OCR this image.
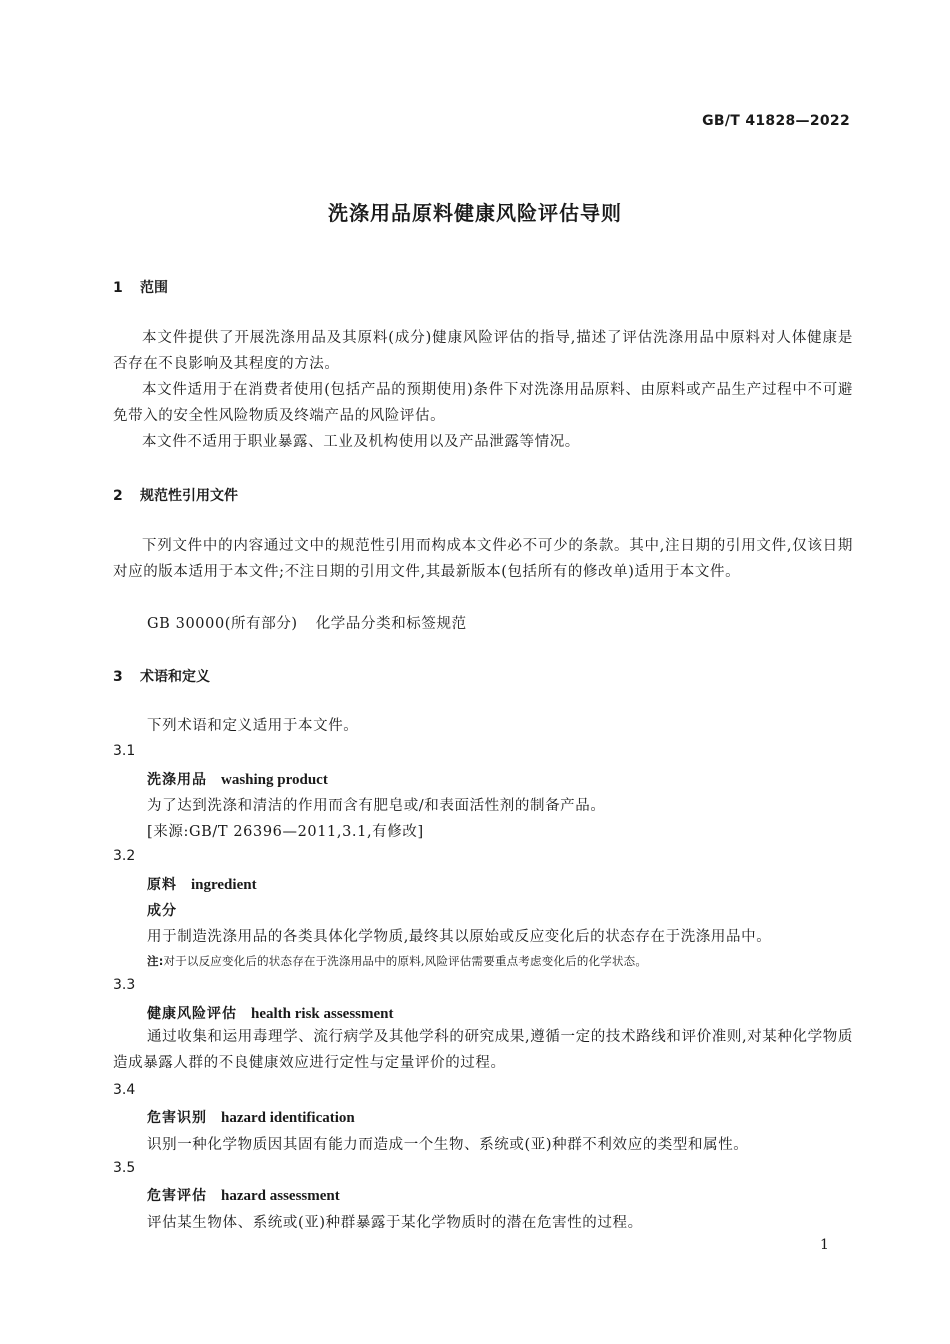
GB/T 41828—2022
洗涤用品原料健康风险评估导则
1 范围
本文件提供了开展洗涤用品及其原料(成分)健康风险评估的指导,描述了评估洗涤用品中原料对人体健康是否存在不良影响及其程度的方法。
本文件适用于在消费者使用(包括产品的预期使用)条件下对洗涤用品原料、由原料或产品生产过程中不可避免带入的安全性风险物质及终端产品的风险评估。
本文件不适用于职业暴露、工业及机构使用以及产品泄露等情况。
2 规范性引用文件
下列文件中的内容通过文中的规范性引用而构成本文件必不可少的条款。其中,注日期的引用文件,仅该日期对应的版本适用于本文件;不注日期的引用文件,其最新版本(包括所有的修改单)适用于本文件。
GB 30000(所有部分) 化学品分类和标签规范
3 术语和定义
下列术语和定义适用于本文件。
3.1
洗涤用品 washing product
为了达到洗涤和清洁的作用而含有肥皂或/和表面活性剂的制备产品。
[来源:GB/T 26396—2011,3.1,有修改]
3.2
原料 ingredient
成分
用于制造洗涤用品的各类具体化学物质,最终其以原始或反应变化后的状态存在于洗涤用品中。
注:对于以反应变化后的状态存在于洗涤用品中的原料,风险评估需要重点考虑变化后的化学状态。
3.3
健康风险评估 health risk assessment
通过收集和运用毒理学、流行病学及其他学科的研究成果,遵循一定的技术路线和评价准则,对某种化学物质造成暴露人群的不良健康效应进行定性与定量评价的过程。
3.4
危害识别 hazard identification
识别一种化学物质因其固有能力而造成一个生物、系统或(亚)种群不利效应的类型和属性。
3.5
危害评估 hazard assessment
评估某生物体、系统或(亚)种群暴露于某化学物质时的潜在危害性的过程。
1
